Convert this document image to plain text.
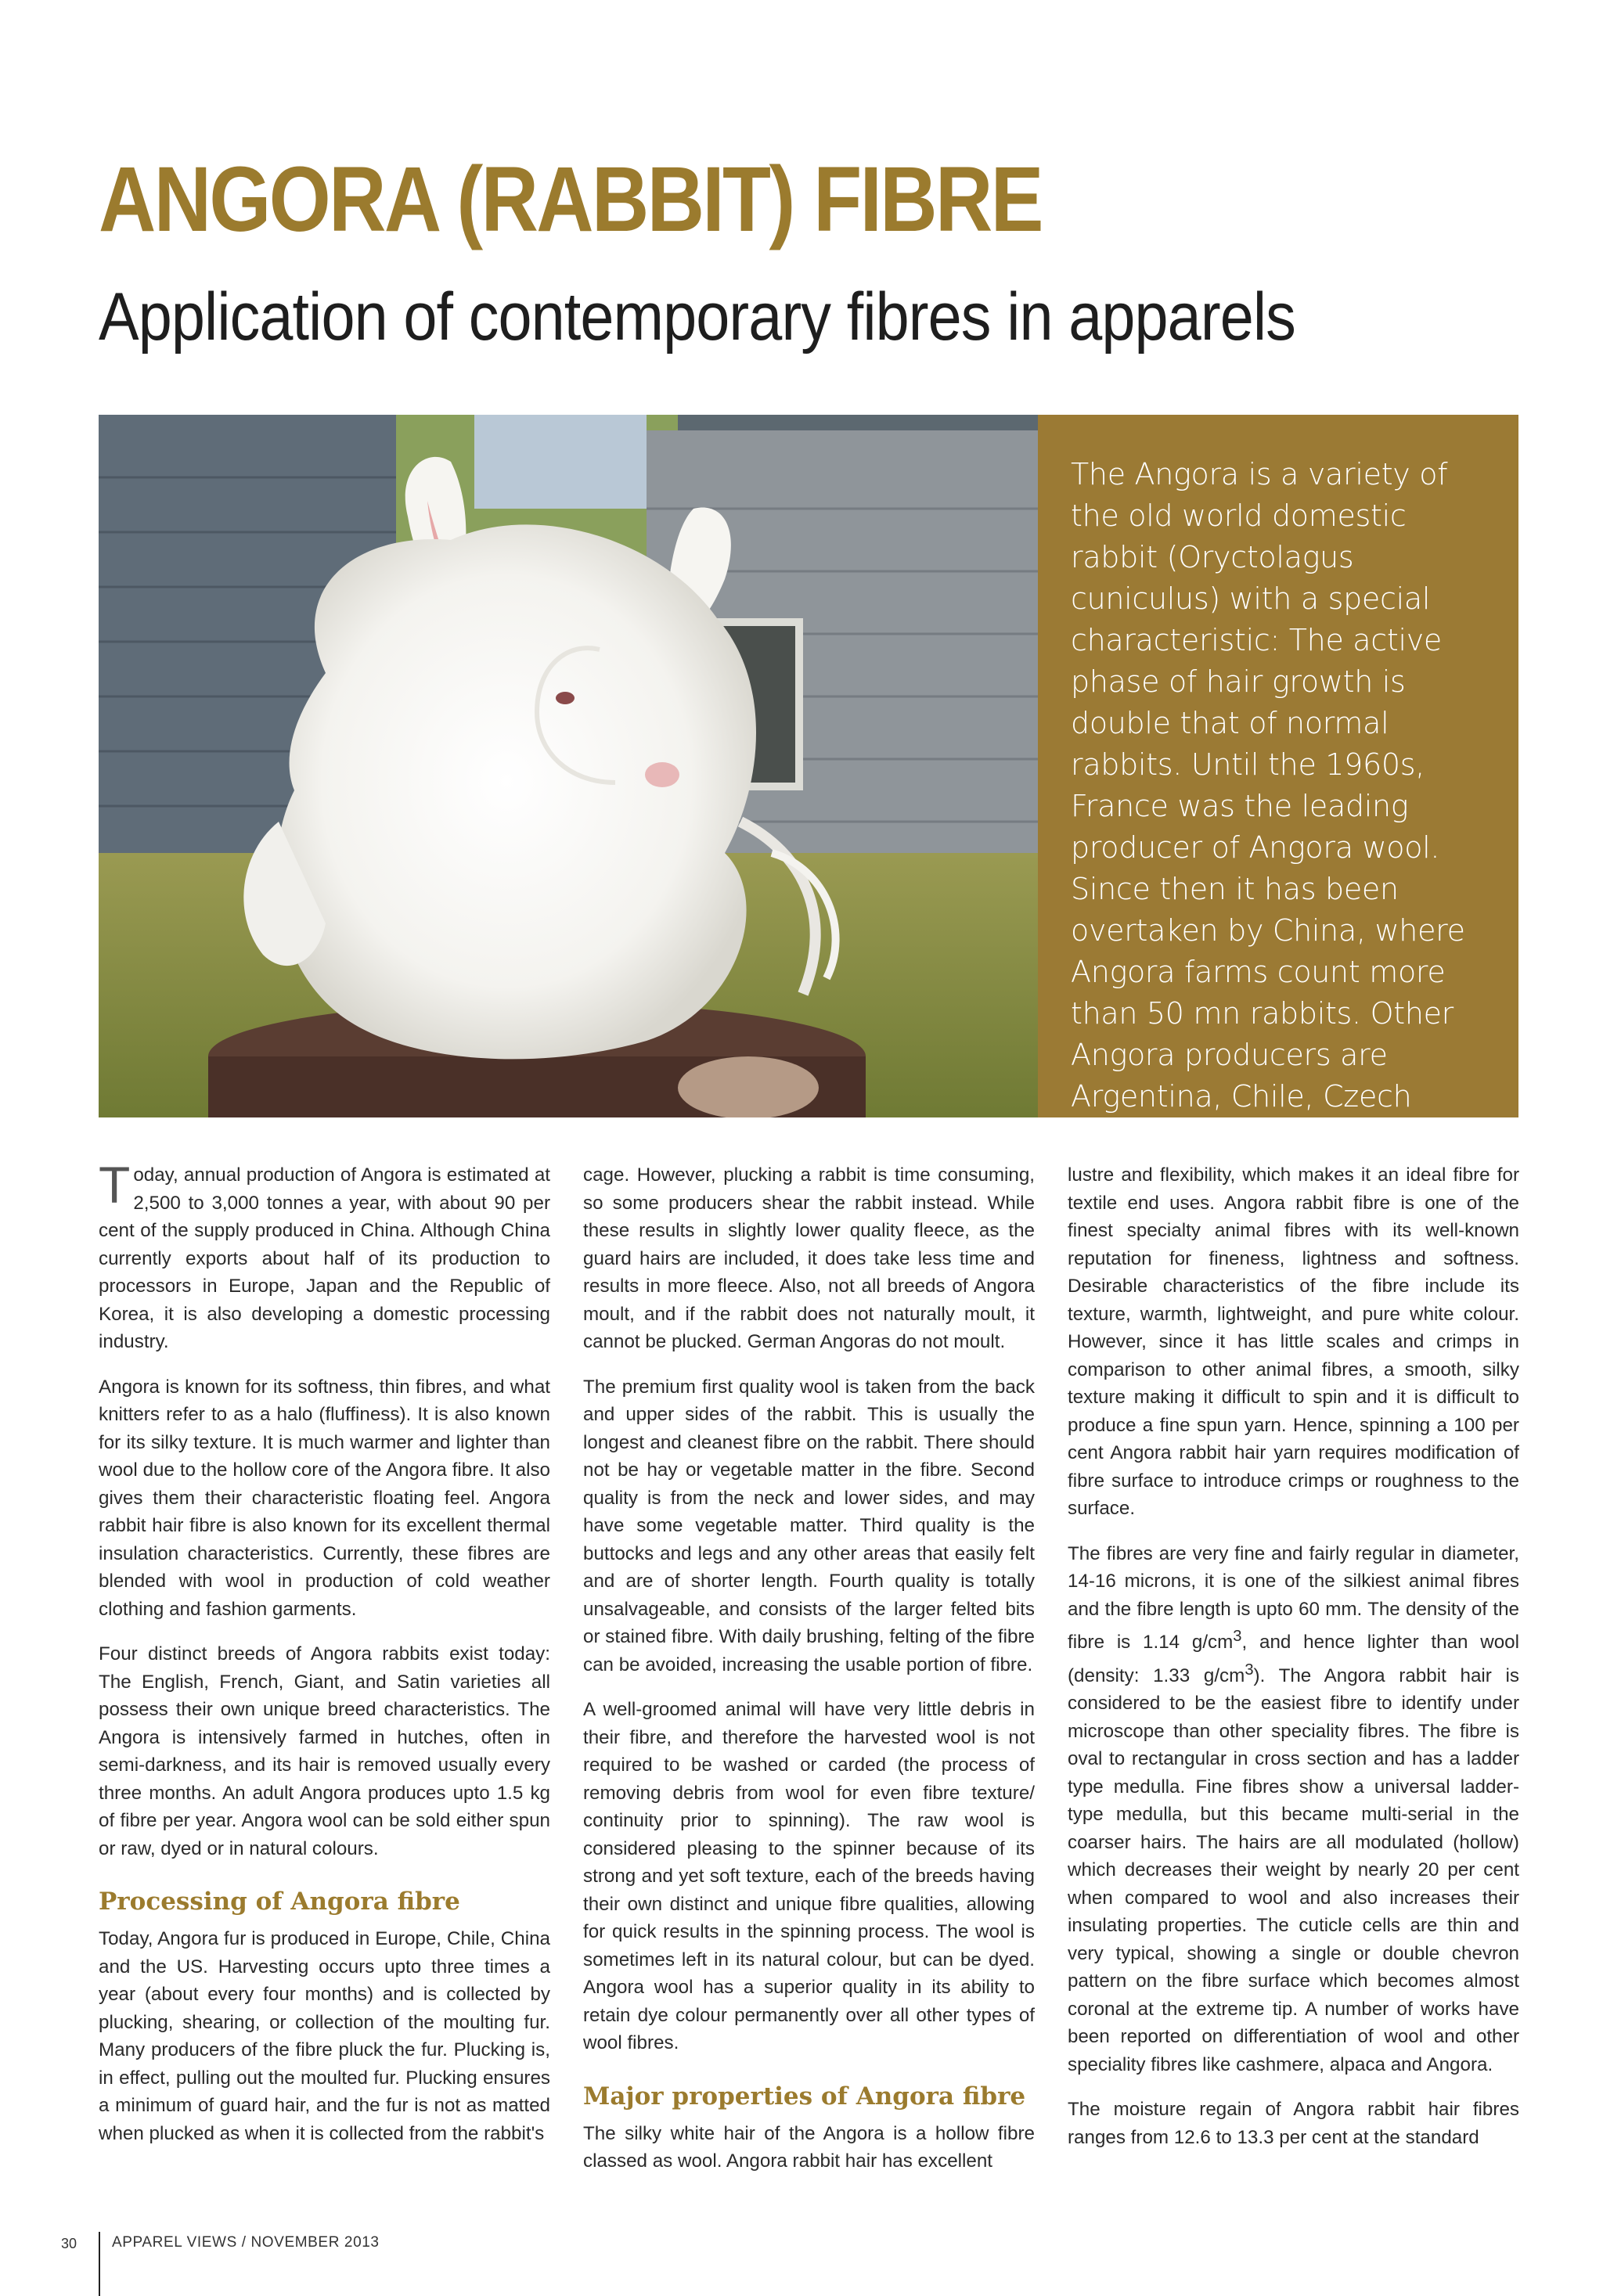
ANGORA (RABBIT) FIBRE
Application of contemporary fibres in apparels

The Angora is a variety of the old world domestic rabbit (Oryctolagus cuniculus) with a special characteristic: The active phase of hair growth is double that of normal rabbits. Until the 1960s, France was the leading producer of Angora wool. Since then it has been overtaken by China, where Angora farms count more than 50 mn rabbits. Other Angora producers are Argentina, Chile, Czech Republic and Hungary

Today, annual production of Angora is estimated at 2,500 to 3,000 tonnes a year, with about 90 per cent of the supply produced in China. Although China currently exports about half of its production to processors in Europe, Japan and the Republic of Korea, it is also developing a domestic processing industry.

Angora is known for its softness, thin fibres, and what knitters refer to as a halo (fluffiness). It is also known for its silky texture. It is much warmer and lighter than wool due to the hollow core of the Angora fibre. It also gives them their characteristic floating feel. Angora rabbit hair fibre is also known for its excellent thermal insulation characteristics. Currently, these fibres are blended with wool in production of cold weather clothing and fashion garments.

Four distinct breeds of Angora rabbits exist today: The English, French, Giant, and Satin varieties all possess their own unique breed characteristics. The Angora is intensively farmed in hutches, often in semi-darkness, and its hair is removed usually every three months. An adult Angora produces upto 1.5 kg of fibre per year. Angora wool can be sold either spun or raw, dyed or in natural colours.

Processing of Angora fibre

Today, Angora fur is produced in Europe, Chile, China and the US. Harvesting occurs upto three times a year (about every four months) and is collected by plucking, shearing, or collection of the moulting fur. Many producers of the fibre pluck the fur. Plucking is, in effect, pulling out the moulted fur. Plucking ensures a minimum of guard hair, and the fur is not as matted when plucked as when it is collected from the rabbit's

cage. However, plucking a rabbit is time consuming, so some producers shear the rabbit instead. While these results in slightly lower quality fleece, as the guard hairs are included, it does take less time and results in more fleece. Also, not all breeds of Angora moult, and if the rabbit does not naturally moult, it cannot be plucked. German Angoras do not moult.

The premium first quality wool is taken from the back and upper sides of the rabbit. This is usually the longest and cleanest fibre on the rabbit. There should not be hay or vegetable matter in the fibre. Second quality is from the neck and lower sides, and may have some vegetable matter. Third quality is the buttocks and legs and any other areas that easily felt and are of shorter length. Fourth quality is totally unsalvageable, and consists of the larger felted bits or stained fibre. With daily brushing, felting of the fibre can be avoided, increasing the usable portion of fibre.

A well-groomed animal will have very little debris in their fibre, and therefore the harvested wool is not required to be washed or carded (the process of removing debris from wool for even fibre texture/ continuity prior to spinning). The raw wool is considered pleasing to the spinner because of its strong and yet soft texture, each of the breeds having their own distinct and unique fibre qualities, allowing for quick results in the spinning process. The wool is sometimes left in its natural colour, but can be dyed. Angora wool has a superior quality in its ability to retain dye colour permanently over all other types of wool fibres.

Major properties of Angora fibre

The silky white hair of the Angora is a hollow fibre classed as wool. Angora rabbit hair has excellent

lustre and flexibility, which makes it an ideal fibre for textile end uses. Angora rabbit fibre is one of the finest specialty animal fibres with its well-known reputation for fineness, lightness and softness. Desirable characteristics of the fibre include its texture, warmth, lightweight, and pure white colour. However, since it has little scales and crimps in comparison to other animal fibres, a smooth, silky texture making it difficult to spin and it is difficult to produce a fine spun yarn. Hence, spinning a 100 per cent Angora rabbit hair yarn requires modification of fibre surface to introduce crimps or roughness to the surface.

The fibres are very fine and fairly regular in diameter, 14-16 microns, it is one of the silkiest animal fibres and the fibre length is upto 60 mm. The density of the fibre is 1.14 $g/cm^3$, and hence lighter than wool (density: 1.33 $g/cm^3$). The Angora rabbit hair is considered to be the easiest fibre to identify under microscope than other speciality fibres. The fibre is oval to rectangular in cross section and has a ladder type medulla. Fine fibres show a universal ladder-type medulla, but this became multi-serial in the coarser hairs. The hairs are all modulated (hollow) which decreases their weight by nearly 20 per cent when compared to wool and also increases their insulating properties. The cuticle cells are thin and very typical, showing a single or double chevron pattern on the fibre surface which becomes almost coronal at the extreme tip. A number of works have been reported on differentiation of wool and other speciality fibres like cashmere, alpaca and Angora.

The moisture regain of Angora rabbit hair fibres ranges from 12.6 to 13.3 per cent at the standard

30 APPAREL VIEWS / NOVEMBER 2013
